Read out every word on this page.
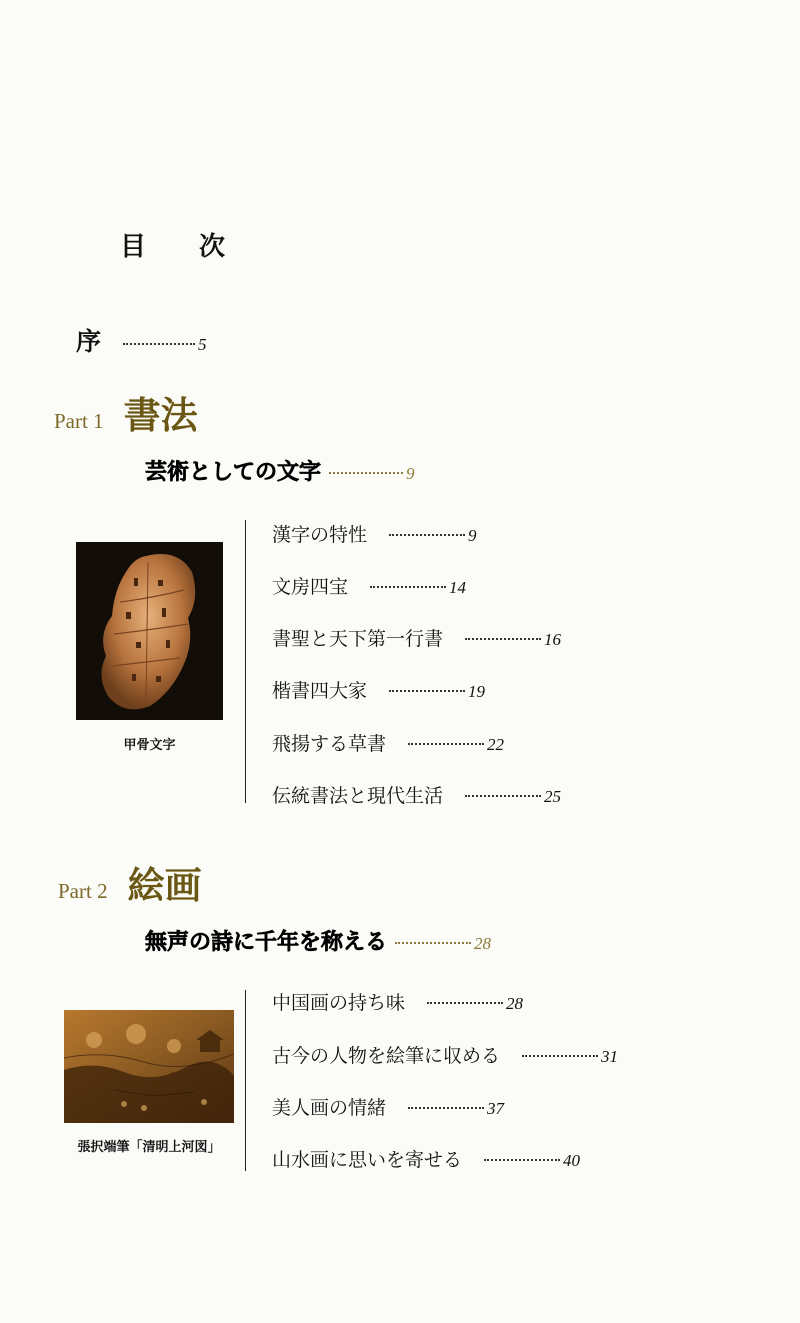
目 次
序	5
Part 1 書法
芸術としての文字	9
甲骨文字
漢字の特性	9
文房四宝	14
書聖と天下第一行書	16
楷書四大家	19
飛揚する草書	22
伝統書法と現代生活	25
Part 2 絵画
無声の詩に千年を称える	28
張択端筆「清明上河図」
中国画の持ち味	28
古今の人物を絵筆に収める	31
美人画の情緒	37
山水画に思いを寄せる	40
